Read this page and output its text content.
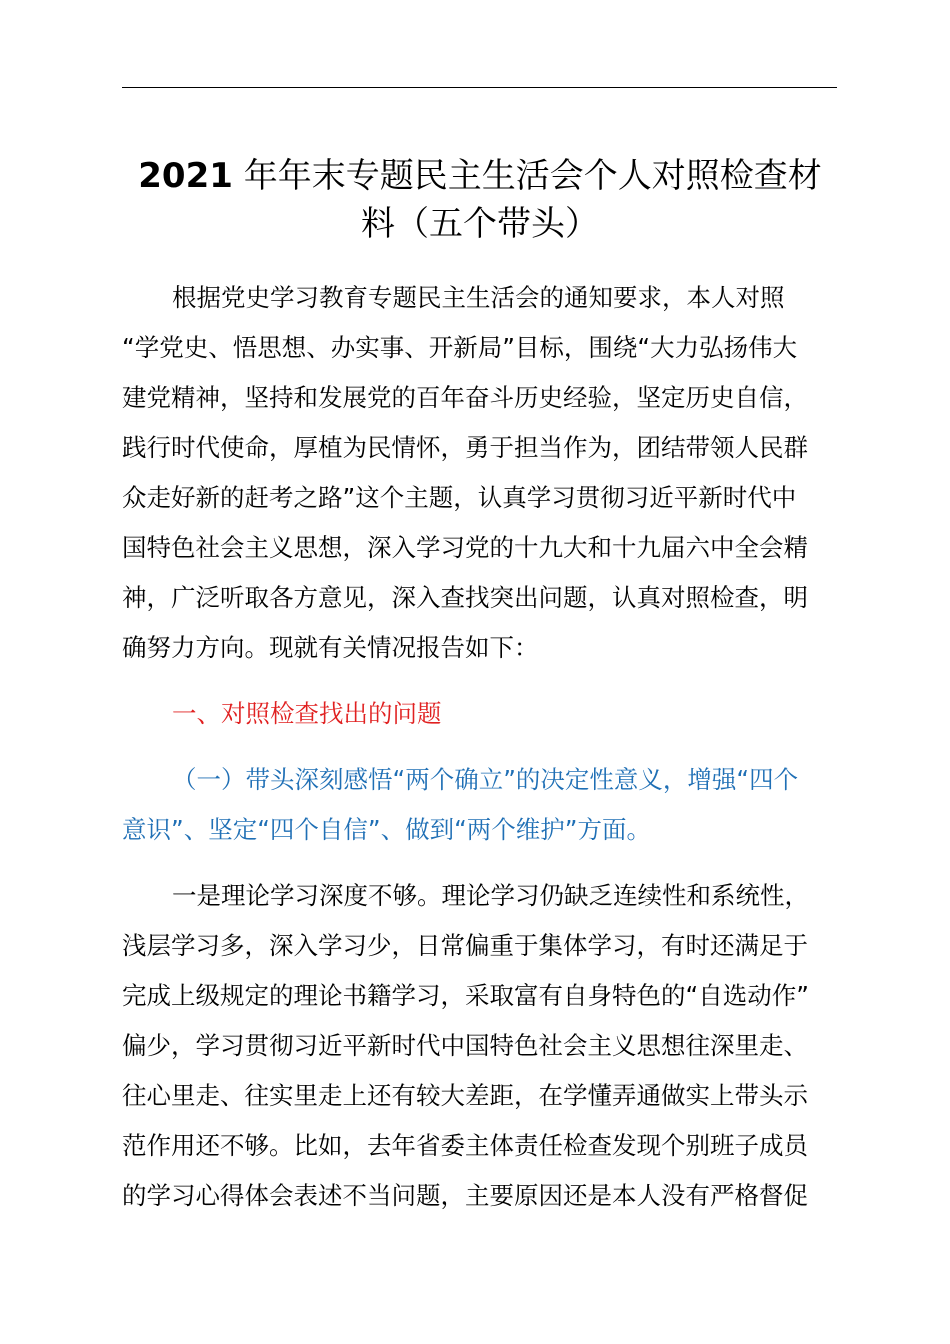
2021 年年末专题民主生活会个人对照检查材
料（五个带头）
根据党史学习教育专题民主生活会的通知要求，本人对照
“学党史、悟思想、办实事、开新局”目标，围绕“大力弘扬伟大
建党精神，坚持和发展党的百年奋斗历史经验，坚定历史自信，
践行时代使命，厚植为民情怀，勇于担当作为，团结带领人民群
众走好新的赶考之路”这个主题，认真学习贯彻习近平新时代中
国特色社会主义思想，深入学习党的十九大和十九届六中全会精
神，广泛听取各方意见，深入查找突出问题，认真对照检查，明
确努力方向。现就有关情况报告如下：
一、对照检查找出的问题
（一）带头深刻感悟“两个确立”的决定性意义，增强“四个
意识”、坚定“四个自信”、做到“两个维护”方面。
一是理论学习深度不够。理论学习仍缺乏连续性和系统性，
浅层学习多，深入学习少，日常偏重于集体学习，有时还满足于
完成上级规定的理论书籍学习，采取富有自身特色的“自选动作”
偏少，学习贯彻习近平新时代中国特色社会主义思想往深里走、
往心里走、往实里走上还有较大差距，在学懂弄通做实上带头示
范作用还不够。比如，去年省委主体责任检查发现个别班子成员
的学习心得体会表述不当问题，主要原因还是本人没有严格督促
